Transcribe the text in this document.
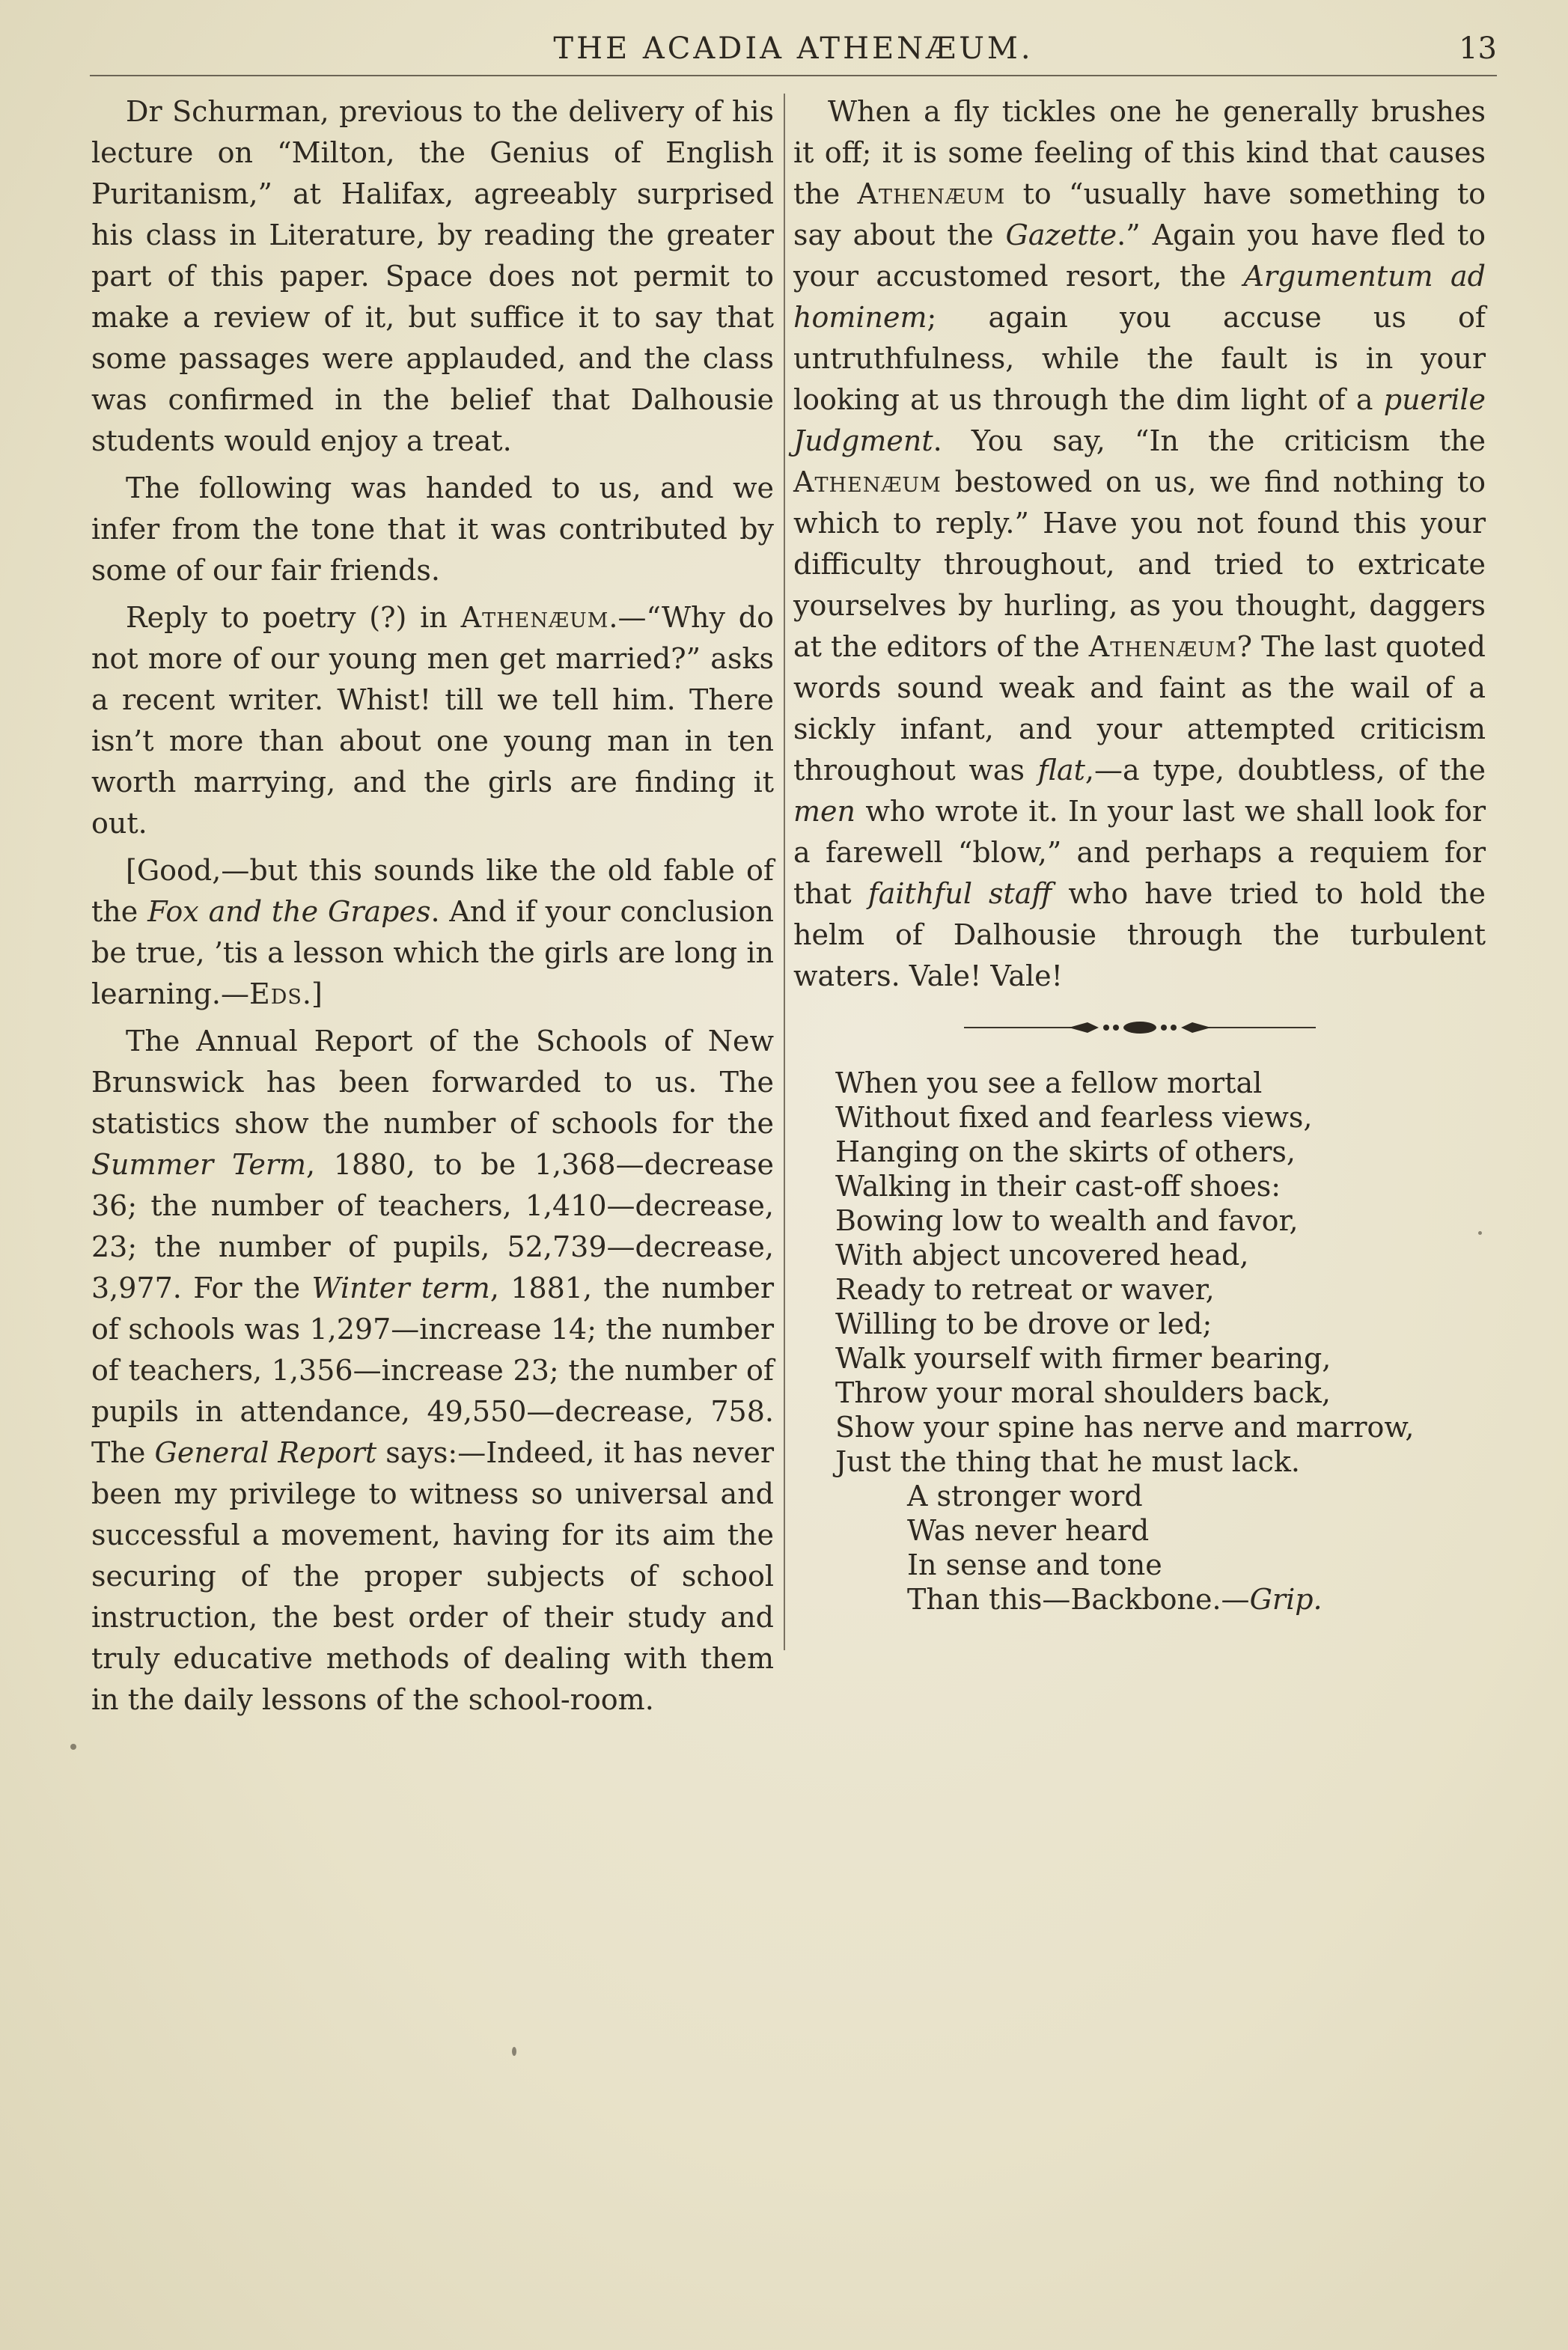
THE ACADIA ATHENÆUM.	13

Dr Schurman, previous to the delivery of his lecture on “Milton, the Genius of English Puritanism,” at Halifax, agreeably surprised his class in Literature, by reading the greater part of this paper. Space does not permit to make a review of it, but suffice it to say that some passages were applauded, and the class was confirmed in the belief that Dalhousie students would enjoy a treat.

The following was handed to us, and we infer from the tone that it was contributed by some of our fair friends.

Reply to poetry (?) in Athenæum.—“Why do not more of our young men get married?” asks a recent writer. Whist! till we tell him. There isn’t more than about one young man in ten worth marrying, and the girls are finding it out.

[Good,—but this sounds like the old fable of the Fox and the Grapes. And if your conclusion be true, ’tis a lesson which the girls are long in learning.—Eds.]

The Annual Report of the Schools of New Brunswick has been forwarded to us. The statistics show the number of schools for the Summer Term, 1880, to be 1,368—decrease 36; the number of teachers, 1,410—decrease, 23; the number of pupils, 52,739—decrease, 3,977. For the Winter term, 1881, the number of schools was 1,297—increase 14; the number of teachers, 1,356—increase 23; the number of pupils in attendance, 49,550—decrease, 758. The General Report says:—Indeed, it has never been my privilege to witness so universal and successful a movement, having for its aim the securing of the proper subjects of school instruction, the best order of their study and truly educative methods of dealing with them in the daily lessons of the school-room.

When a fly tickles one he generally brushes it off; it is some feeling of this kind that causes the Athenæum to “usually have something to say about the Gazette.” Again you have fled to your accustomed resort, the Argumentum ad hominem; again you accuse us of untruthfulness, while the fault is in your looking at us through the dim light of a puerile Judgment. You say, “In the criticism the Athenæum bestowed on us, we find nothing to which to reply.” Have you not found this your difficulty throughout, and tried to extricate yourselves by hurling, as you thought, daggers at the editors of the Athenæum? The last quoted words sound weak and faint as the wail of a sickly infant, and your attempted criticism throughout was flat,—a type, doubtless, of the men who wrote it. In your last we shall look for a farewell “blow,” and perhaps a requiem for that faithful staff who have tried to hold the helm of Dalhousie through the turbulent waters. Vale! Vale!

When you see a fellow mortal
Without fixed and fearless views,
Hanging on the skirts of others,
Walking in their cast-off shoes:
Bowing low to wealth and favor,
With abject uncovered head,
Ready to retreat or waver,
Willing to be drove or led;
Walk yourself with firmer bearing,
Throw your moral shoulders back,
Show your spine has nerve and marrow,
Just the thing that he must lack.
A stronger word
Was never heard
In sense and tone
Than this—Backbone.—Grip.
